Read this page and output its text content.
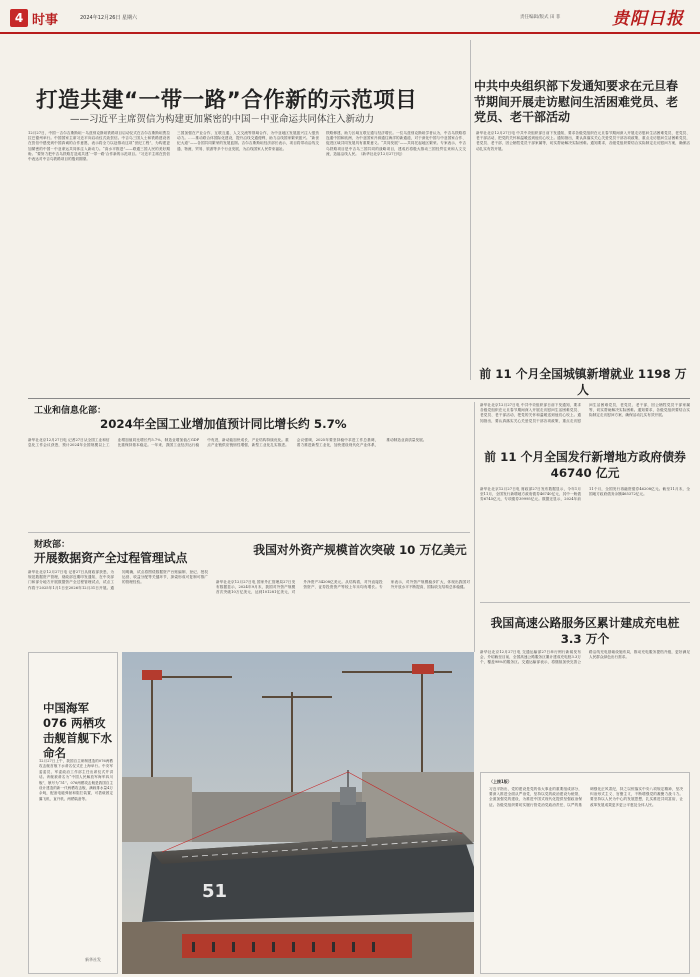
4 时事	2024年12月26日 星期六	责任编辑/版式 田 菲	贵阳日报
打造共建“一带一路”合作新的示范项目
——习近平主席贺信为构建更加紧密的中国－中亚命运共同体注入新动力
12月27日，中国－吉尔吉斯斯坦－乌兹别克斯坦铁路项目启动仪式在吉尔吉斯斯坦贾拉拉巴德州举行。中国国家主席习近平向启动仪式致贺信。中吉乌三国人士和铁路建设者在贺信中感受到中国真诚的合作意愿，表示将全力以赴推动这项“世纪工程”，为构建更加紧密的中国－中亚命运共同体注入新动力。“高水平推进”——联通三国人民的美好期盼。“要努力把中吉乌铁路打造成共建‘一带一路’合作新的示范项目。”习近平主席在贺信中表达对中吉乌铁路项目的殷切期望。
三国加强在产业合作、互联互通、人文交流等领域合作，为中亚地区发展振兴注入强劲动力。……推动联合体国际化建设，提升沿线交通便利，助力沿线国家繁荣振兴。“新世纪大道”——各国共同繁荣的发展蓝图。吉尔吉斯斯坦经济部长表示，项目将带动沿线交通、物流、贸易、旅游等多个行业发展，为沿线国家人民带来福祉。
铁路修建，助力区域互联互通与经济增长。一位乌兹别克斯坦学者认为，中吉乌铁路将连通中国和欧洲，为中亚国家开辟通往海洋的新通道，对于深化中国与中亚国家合作、促进区域共同发展具有重要意义。“共同发展”——共同托起地区繁荣。专家表示，中吉乌铁路项目是中吉乌三国共同的战略项目，建成后将极大推动三国经贸往来和人文交流，造福沿线人民。（新华社北京12月27日电）
中共中央组织部下发通知要求在元旦春节期间开展走访慰问生活困难党员、老党员、老干部活动
新华社北京12月27日电 中共中央组织部日前下发通知，要求各级党组织在元旦春节期间深入开展走访慰问生活困难党员、老党员、老干部活动，把党的关怀和温暖送到他们心坎上。通知指出，要认真落实关心关爱党员干部各项政策，重点走访慰问生活困难党员，老党员、老干部，因公牺牲党员干部家属等，切实帮助解决实际困难。通知要求，各级党组织要结合实际制定走访慰问方案，确保活动扎实有效开展。
前 11 个月全国城镇新增就业 1198 万人
工业和信息化部：
2024年全国工业增加值预计同比增长约 5.7%
新华社北京12月27日电 记者27日从全国工业和信息化工作会议获悉，预计2024年全国规模以上工业增加值同比增长约5.7%，制造业增加值占GDP比重保持基本稳定。一年来，我国工业经济运行稳中有进，新动能加快成长，产业结构持续优化。重点产业链供应链韧性增强，新型工业化扎实推进。会议强调，2025年要坚持稳中求进工作总基调，着力推进新型工业化，加快建设现代化产业体系，推动制造业高质量发展。
新华社北京12月27日电 中共中央组织部日前下发通知，要求各级党组织在元旦春节期间深入开展走访慰问生活困难党员、老党员、老干部活动，把党的关怀和温暖送到他们心坎上。通知指出，要认真落实关心关爱党员干部各项政策，重点走访慰问生活困难党员，老党员、老干部，因公牺牲党员干部家属等，切实帮助解决实际困难。通知要求，各级党组织要结合实际制定走访慰问方案，确保活动扎实有效开展。
前 11 个月全国发行新增地方政府债券 46740 亿元
新华社北京12月27日电 财政部27日发布数据显示，今年1月至11月，全国发行新增地方政府债券46740亿元，其中一般债券6745亿元，专项债券39995亿元。数据还显示，2024年前11个月，全国发行再融资债券46208亿元。截至11月末，全国地方政府债务余额465372亿元。
财政部：
开展数据资产全过程管理试点
新华社北京12月27日电 记者27日从财政部获悉，为规范数据资产管理，财政部近期印发通知，在中央部门和部分地方开展数据资产全过程管理试点，试点工作将于2025年1月1日至2026年12月31日开展。通知明确，试点将围绕数据资产台账编制、登记、授权运营、收益分配等关键环节，探索形成可复制可推广的管理经验。
我国对外资产规模首次突破 10 万亿美元
新华社北京12月27日电 国家外汇管理局27日发布数据显示，2024年9月末，我国对外资产规模首次突破10万亿美元，达到101281亿美元，对外净资产34208亿美元。从结构看，对外直接投资资产、证券投资资产等较上年末均有增长。专家表示，对外资产规模稳步扩大，体现出我国对外开放水平不断提高，国际收支结构总体稳健。
我国高速公路服务区累计建成充电桩 3.3 万个
新华社北京12月27日电 交通运输部27日举行例行新闻发布会，介绍截至目前，全国高速公路服务区累计建成充电桩3.3万个，覆盖98%的服务区。交通运输部表示，将继续加快完善公路沿线充电基础设施布局，推动充电服务提档升级，更好满足人民群众绿色出行需求。
中国海军 076 两栖攻击舰首舰下水命名
12月27日上午，我国自主研制建造的076两栖攻击舰首舰下水命名仪式在上海举行。中央军委委员、军委政治工作部主任出席仪式并讲话。该舰被命名为“中国人民解放军海军四川舰”，舷号为“51”。076两栖攻击舰是我国自主设计建造的新一代两栖攻击舰，满载排水量4万余吨，配备电磁弹射和阻拦装置，可搭载固定翼飞机、直升机、两栖装备等。
新华社发
51
（上接1版）
习近平指出，党的建设是党的伟大事业的重要组成部分，要深入推进全面从严治党，坚持以党的政治建设为统领，全面加强党的建设，为推进中国式现代化提供坚强政治保证。各级党组织要切实履行管党治党政治责任，以严的基调强化正风肃纪，持之以恒落实中央八项规定精神，坚决纠治形式主义、官僚主义，不断增强党的凝聚力战斗力。要坚持以人民为中心的发展思想，扎实推进共同富裕，让改革发展成果更多更公平惠及全体人民。
